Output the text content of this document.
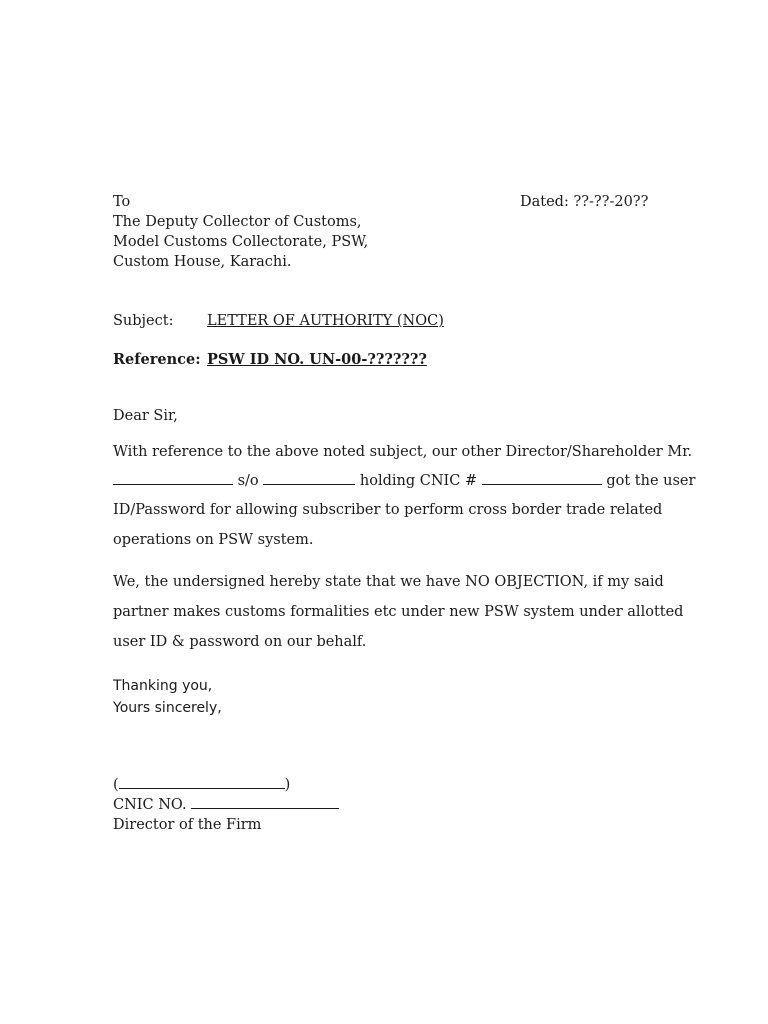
To	Dated: ??-??-20??
The Deputy Collector of Customs,
Model Customs Collectorate, PSW,
Custom House, Karachi.
Subject: LETTER OF AUTHORITY (NOC)
Reference: PSW ID NO. UN-00-???????
Dear Sir,
With reference to the above noted subject, our other Director/Shareholder Mr.
s/o	holding CNIC #	got the user
ID/Password for allowing subscriber to perform cross border trade related
operations on PSW system.
We, the undersigned hereby state that we have NO OBJECTION, if my said
partner makes customs formalities etc under new PSW system under allotted
user ID & password on our behalf.
Thanking you,
Yours sincerely,
(	)
CNIC NO.
Director of the Firm
